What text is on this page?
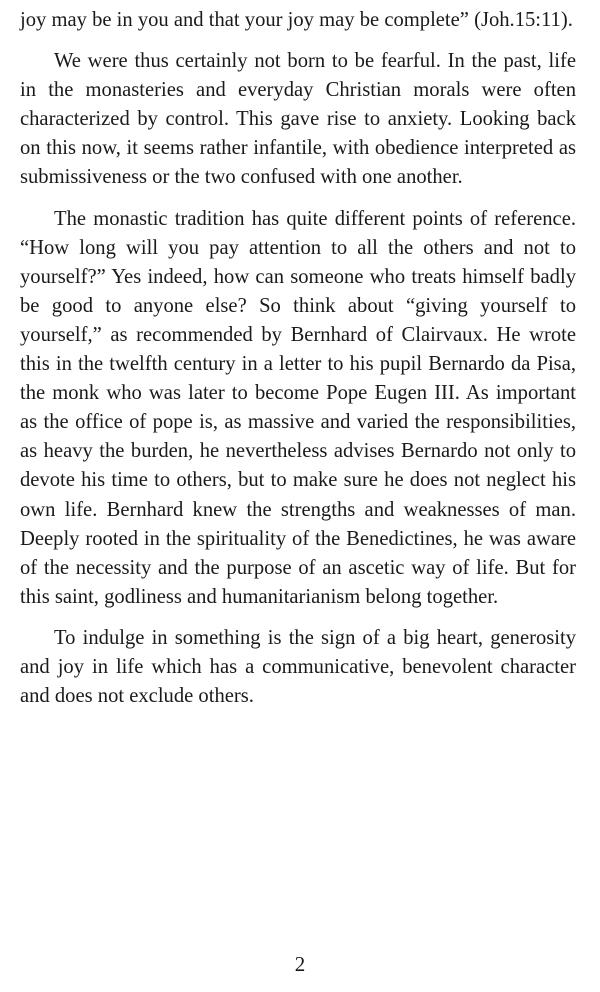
joy may be in you and that your joy may be complete” (Joh.15:11).

We were thus certainly not born to be fearful. In the past, life in the monasteries and everyday Christian morals were often characterized by control. This gave rise to anxiety. Looking back on this now, it seems rather infantile, with obedience interpreted as submissiveness or the two confused with one another.

The monastic tradition has quite different points of reference. “How long will you pay attention to all the others and not to yourself?” Yes indeed, how can someone who treats himself badly be good to anyone else? So think about “giving yourself to yourself,” as recommended by Bernhard of Clairvaux. He wrote this in the twelfth century in a letter to his pupil Bernardo da Pisa, the monk who was later to become Pope Eugen III. As important as the office of pope is, as massive and varied the responsibilities, as heavy the burden, he nevertheless advises Bernardo not only to devote his time to others, but to make sure he does not neglect his own life. Bernhard knew the strengths and weaknesses of man. Deeply rooted in the spirituality of the Benedictines, he was aware of the necessity and the purpose of an ascetic way of life. But for this saint, godliness and humanitarianism belong together.

To indulge in something is the sign of a big heart, generosity and joy in life which has a communicative, benevolent character and does not exclude others.

2
